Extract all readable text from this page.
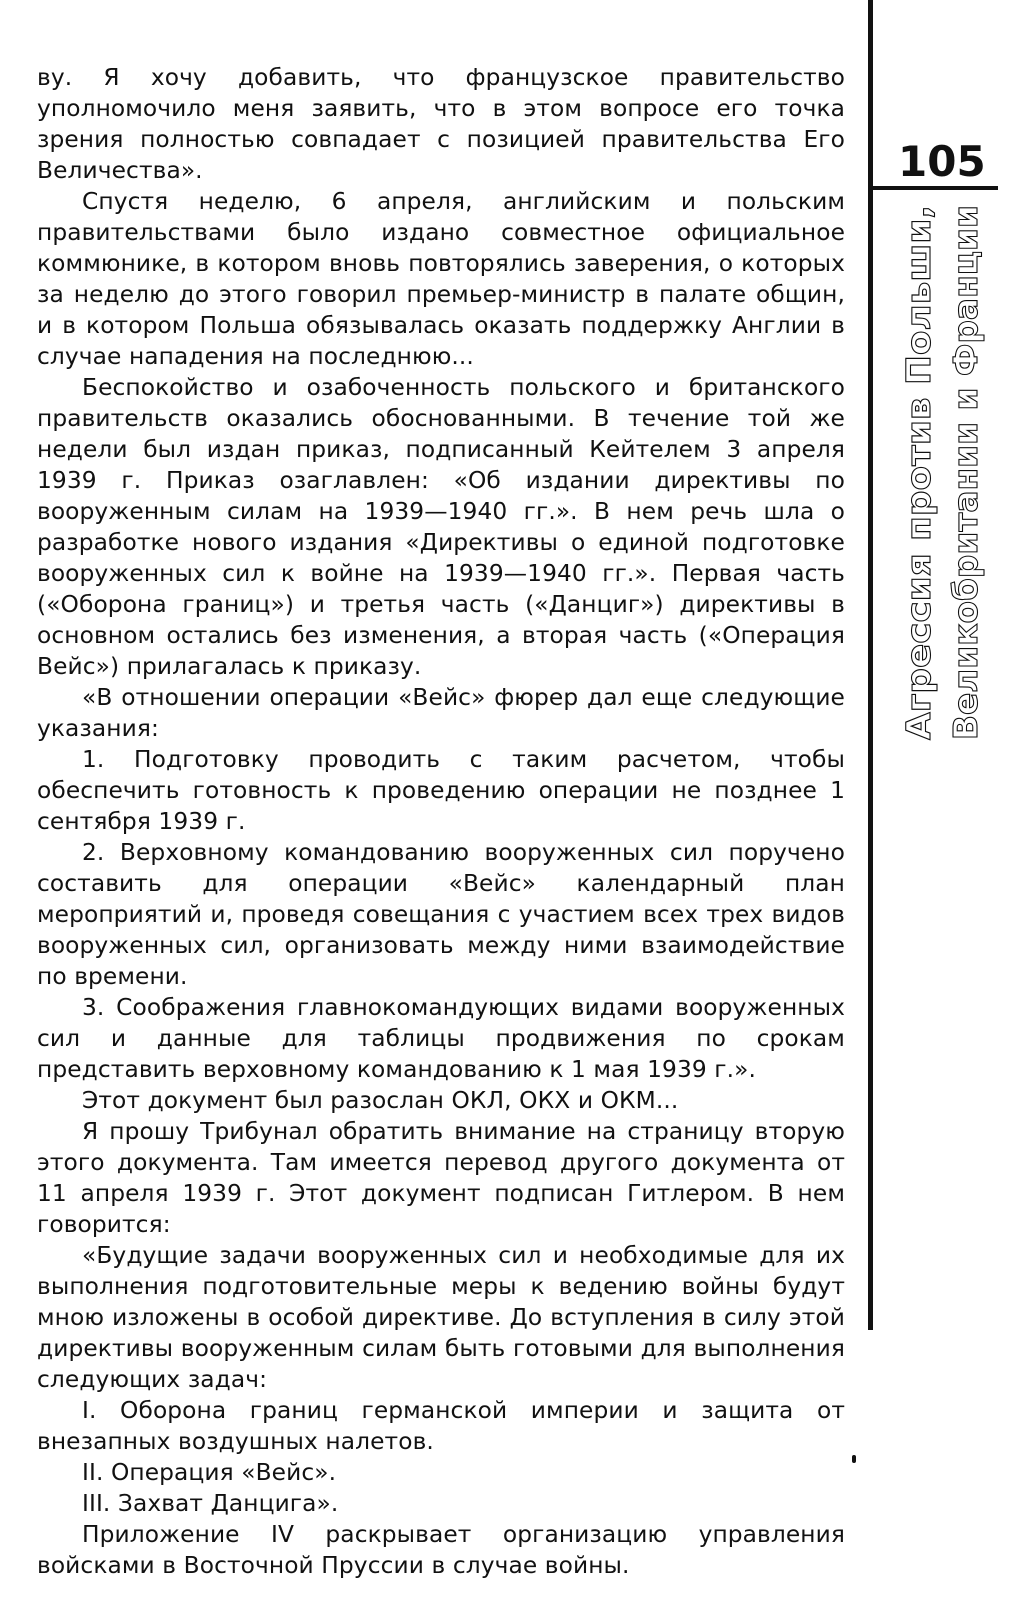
105
Агрессия против Польши, Великобритании и Франции

ву. Я хочу добавить, что французское правительство уполномочило меня заявить, что в этом вопросе его точка зрения полностью совпадает с позицией правительства Его Величества».

Спустя неделю, 6 апреля, английским и польским правительствами было издано совместное официальное коммюнике, в котором вновь повторялись заверения, о которых за неделю до этого говорил премьер-министр в палате общин, и в котором Польша обязывалась оказать поддержку Англии в случае нападения на последнюю...

Беспокойство и озабоченность польского и британского правительств оказались обоснованными. В течение той же недели был издан приказ, подписанный Кейтелем 3 апреля 1939 г. Приказ озаглавлен: «Об издании директивы по вооруженным силам на 1939—1940 гг.». В нем речь шла о разработке нового издания «Директивы о единой подготовке вооруженных сил к войне на 1939—1940 гг.». Первая часть («Оборона границ») и третья часть («Данциг») директивы в основном остались без изменения, а вторая часть («Операция Вейс») прилагалась к приказу.

«В отношении операции «Вейс» фюрер дал еще следующие указания:

1. Подготовку проводить с таким расчетом, чтобы обеспечить готовность к проведению операции не позднее 1 сентября 1939 г.

2. Верховному командованию вооруженных сил поручено составить для операции «Вейс» календарный план мероприятий и, проведя совещания с участием всех трех видов вооруженных сил, организовать между ними взаимодействие по времени.

3. Соображения главнокомандующих видами вооруженных сил и данные для таблицы продвижения по срокам представить верховному командованию к 1 мая 1939 г.».

Этот документ был разослан ОКЛ, ОКХ и ОКМ...

Я прошу Трибунал обратить внимание на страницу вторую этого документа. Там имеется перевод другого документа от 11 апреля 1939 г. Этот документ подписан Гитлером. В нем говорится:

«Будущие задачи вооруженных сил и необходимые для их выполнения подготовительные меры к ведению войны будут мною изложены в особой директиве. До вступления в силу этой директивы вооруженным силам быть готовыми для выполнения следующих задач:

I. Оборона границ германской империи и защита от внезапных воздушных налетов.

II. Операция «Вейс».

III. Захват Данцига».

Приложение IV раскрывает организацию управления войсками в Восточной Пруссии в случае войны.
